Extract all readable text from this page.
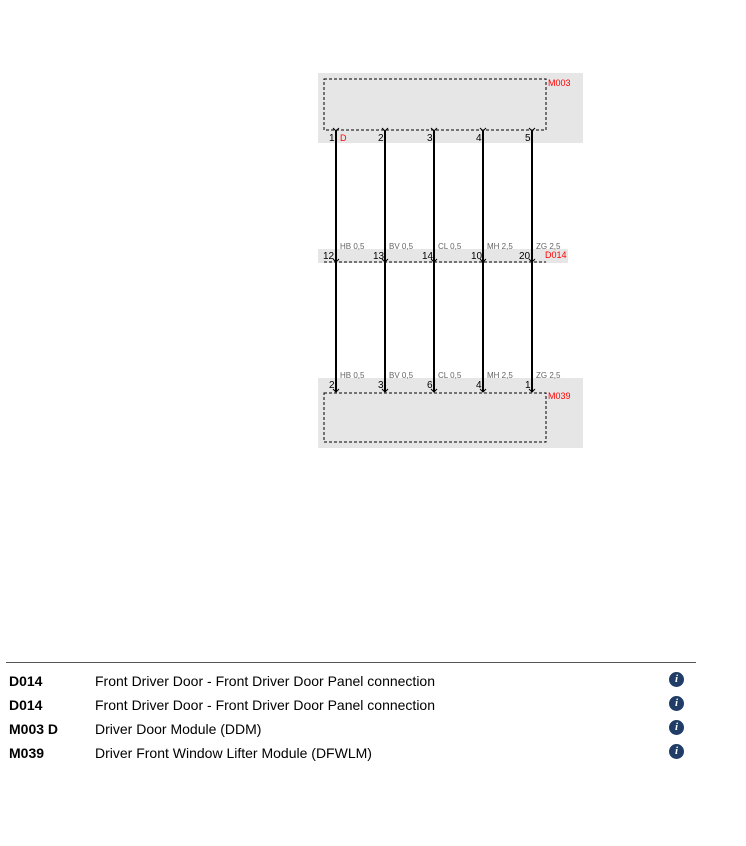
M003
D014
M039
1 D	2	3	4	5
HB 0,5	BV 0,5	CL 0,5	MH 2,5	ZG 2,5
12	13	14	10	20
HB 0,5	BV 0,5	CL 0,5	MH 2,5	ZG 2,5
2	3	6	4	1
D014	Front Driver Door - Front Driver Door Panel connection	i
D014	Front Driver Door - Front Driver Door Panel connection	i
M003 D	Driver Door Module (DDM)	i
M039	Driver Front Window Lifter Module (DFWLM)	i
